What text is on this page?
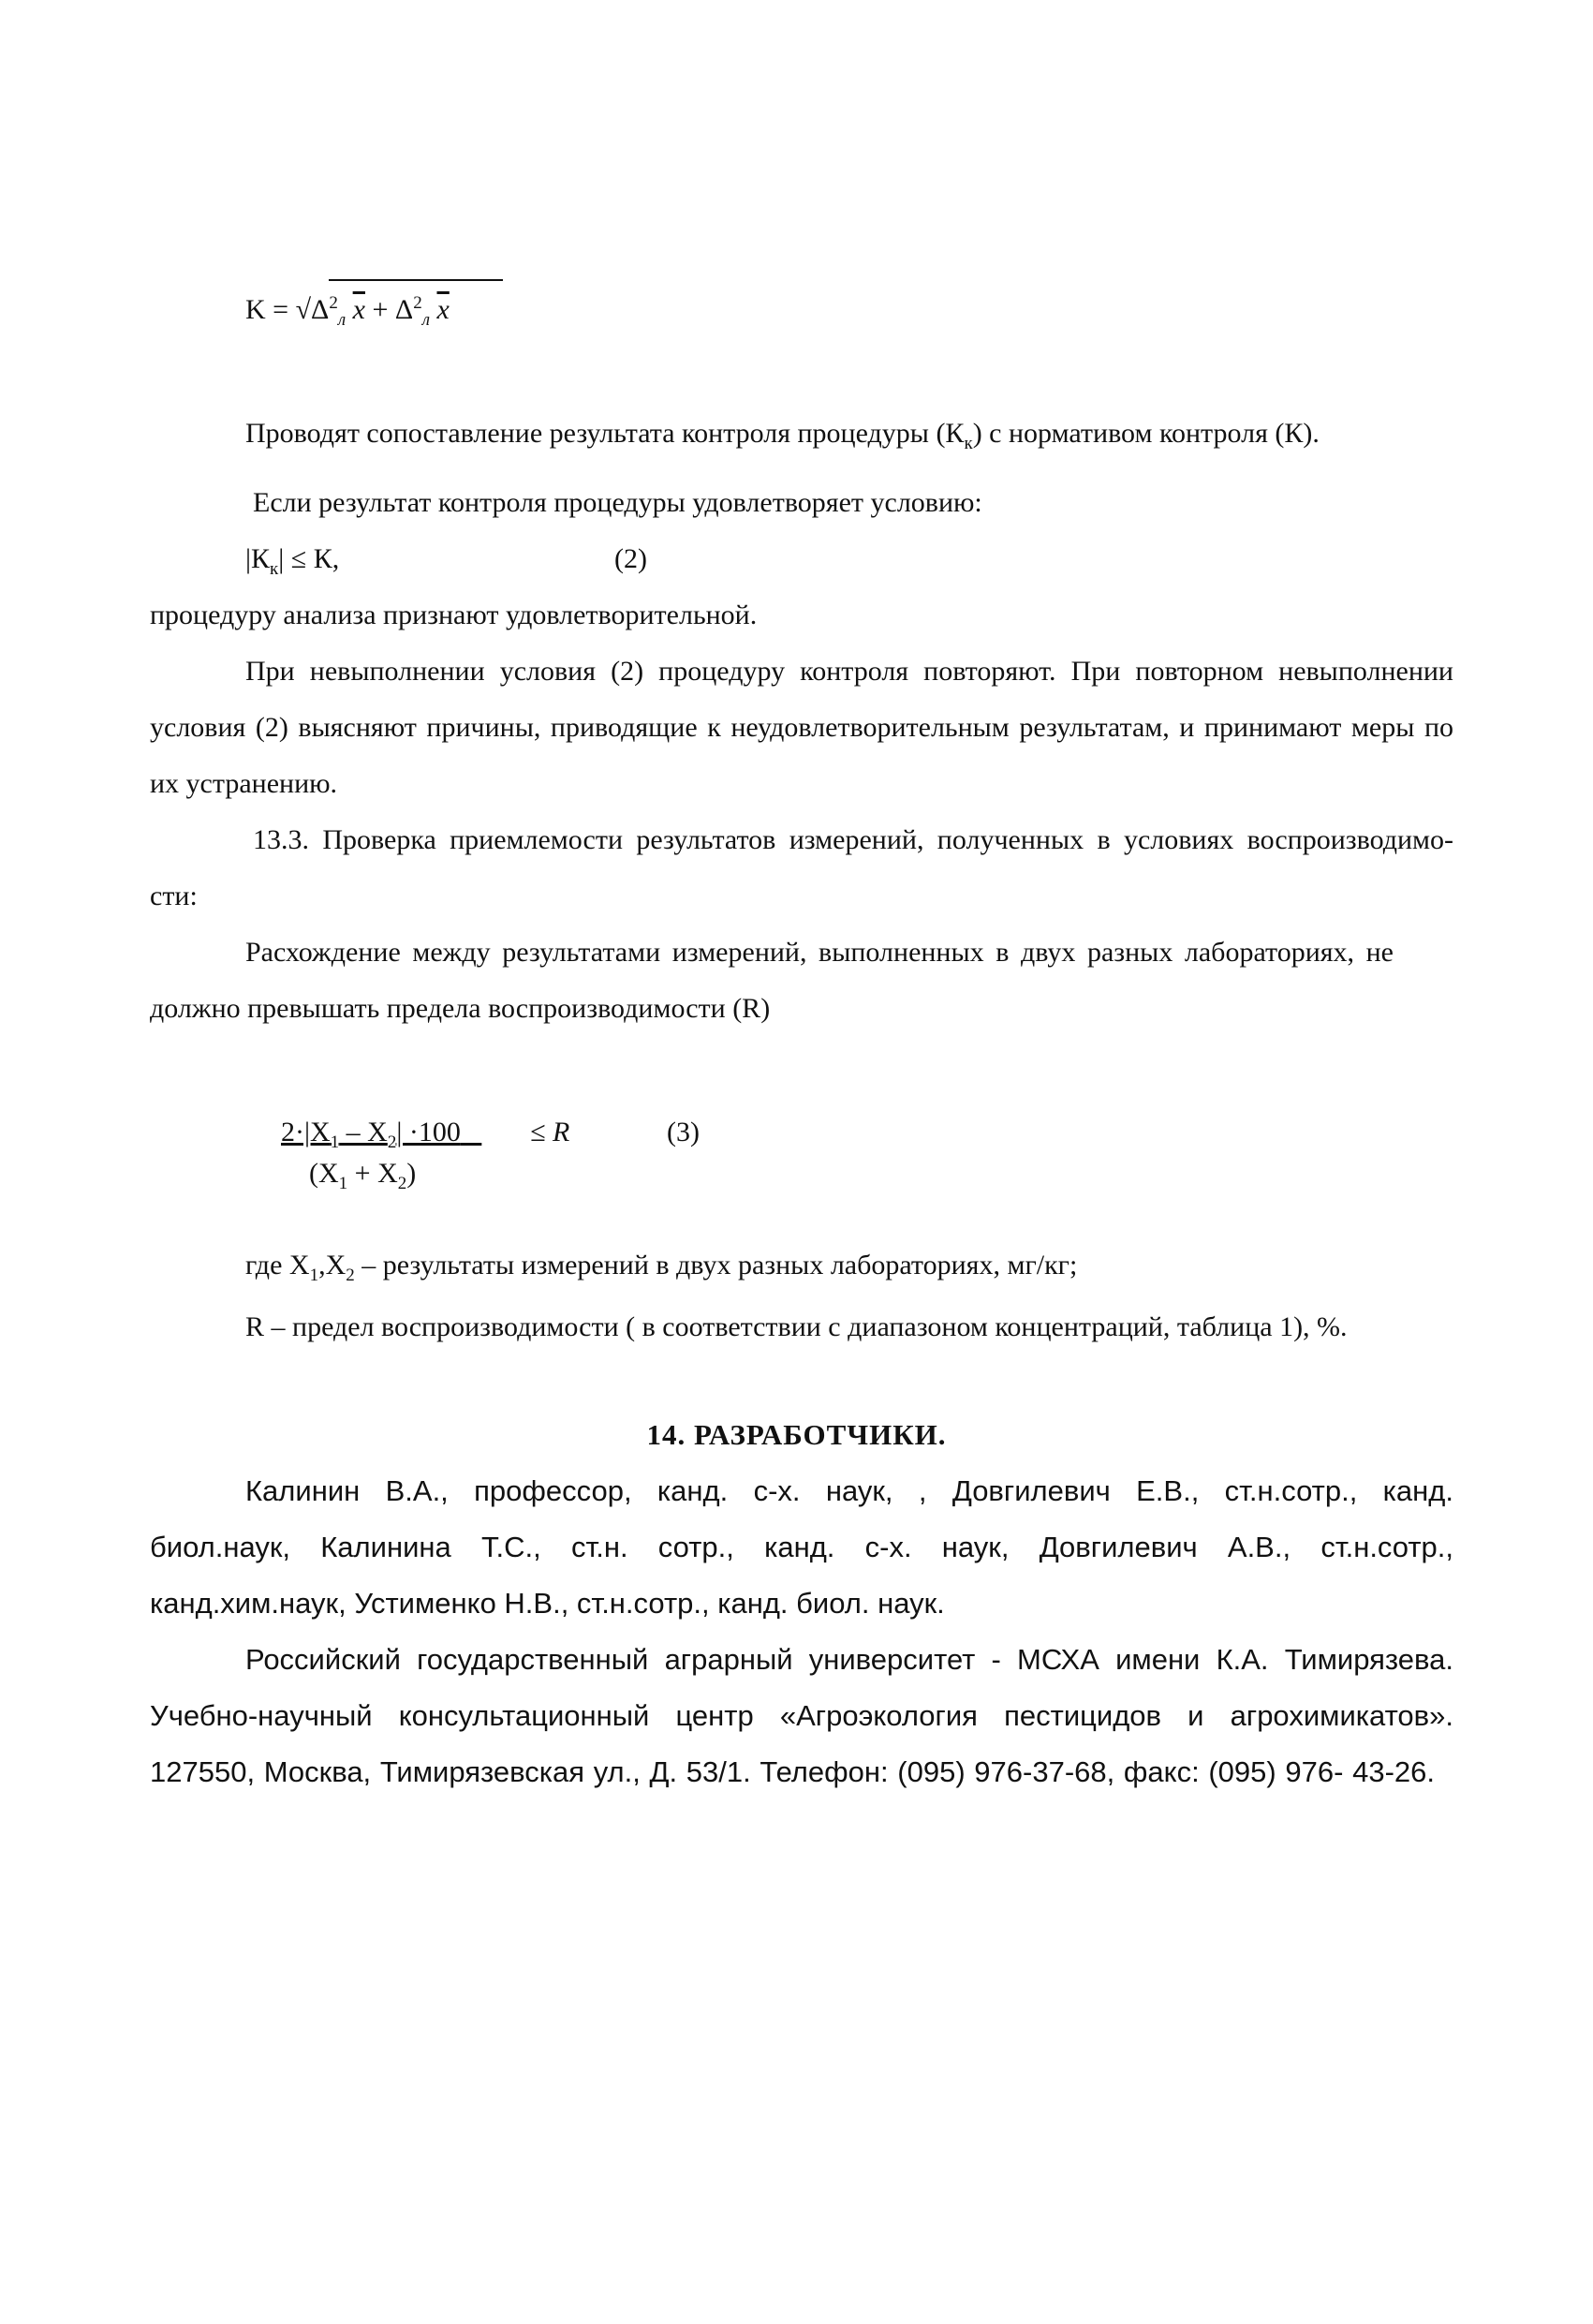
$K = √\Delta^2_л$ $\overline{x} + \Delta^2_л$ $\overline{x}$
Проводят сопоставление результата контроля процедуры $(К_к)$ с нормативом контроля (К).
Если результат контроля процедуры удовлетворяет условию:
$|К_к| \le К$,	(2)
процедуру анализа признают удовлетворительной.
При невыполнении условия (2) процедуру контроля повторяют. При повторном невыполнении
условия (2) выясняют причины, приводящие к неудовлетворительным результатам, и принимают меры по
их устранению.
13.3. Проверка приемлемости результатов измерений, полученных в условиях воспроизводимо-
сти:
Расхождение между результатами измерений, выполненных в двух разных лабораториях, не
должно превышать предела воспроизводимости (R)
$2\cdot|X_1 - X_2| \cdot 100$	≤ R	(3)
$(X_1 + X_2)$
где $X_1,X_2$ – результаты измерений в двух разных лабораториях, мг/кг;
R – предел воспроизводимости ( в соответствии с диапазоном концентраций, таблица 1), %.
14. РАЗРАБОТЧИКИ.
Калинин В.А., профессор, канд. с-х. наук, , Довгилевич Е.В., ст.н.сотр., канд.
биол.наук, Калинина Т.С., ст.н. сотр., канд. с-х. наук, Довгилевич А.В., ст.н.сотр.,
канд.хим.наук, Устименко Н.В., ст.н.сотр., канд. биол. наук.
Российский государственный аграрный университет - МСХА имени К.А. Тимирязева.
Учебно-научный консультационный центр «Агроэкология пестицидов и агрохимикатов».
127550, Москва, Тимирязевская ул., Д. 53/1. Телефон: (095) 976-37-68, факс: (095) 976- 43-26.
